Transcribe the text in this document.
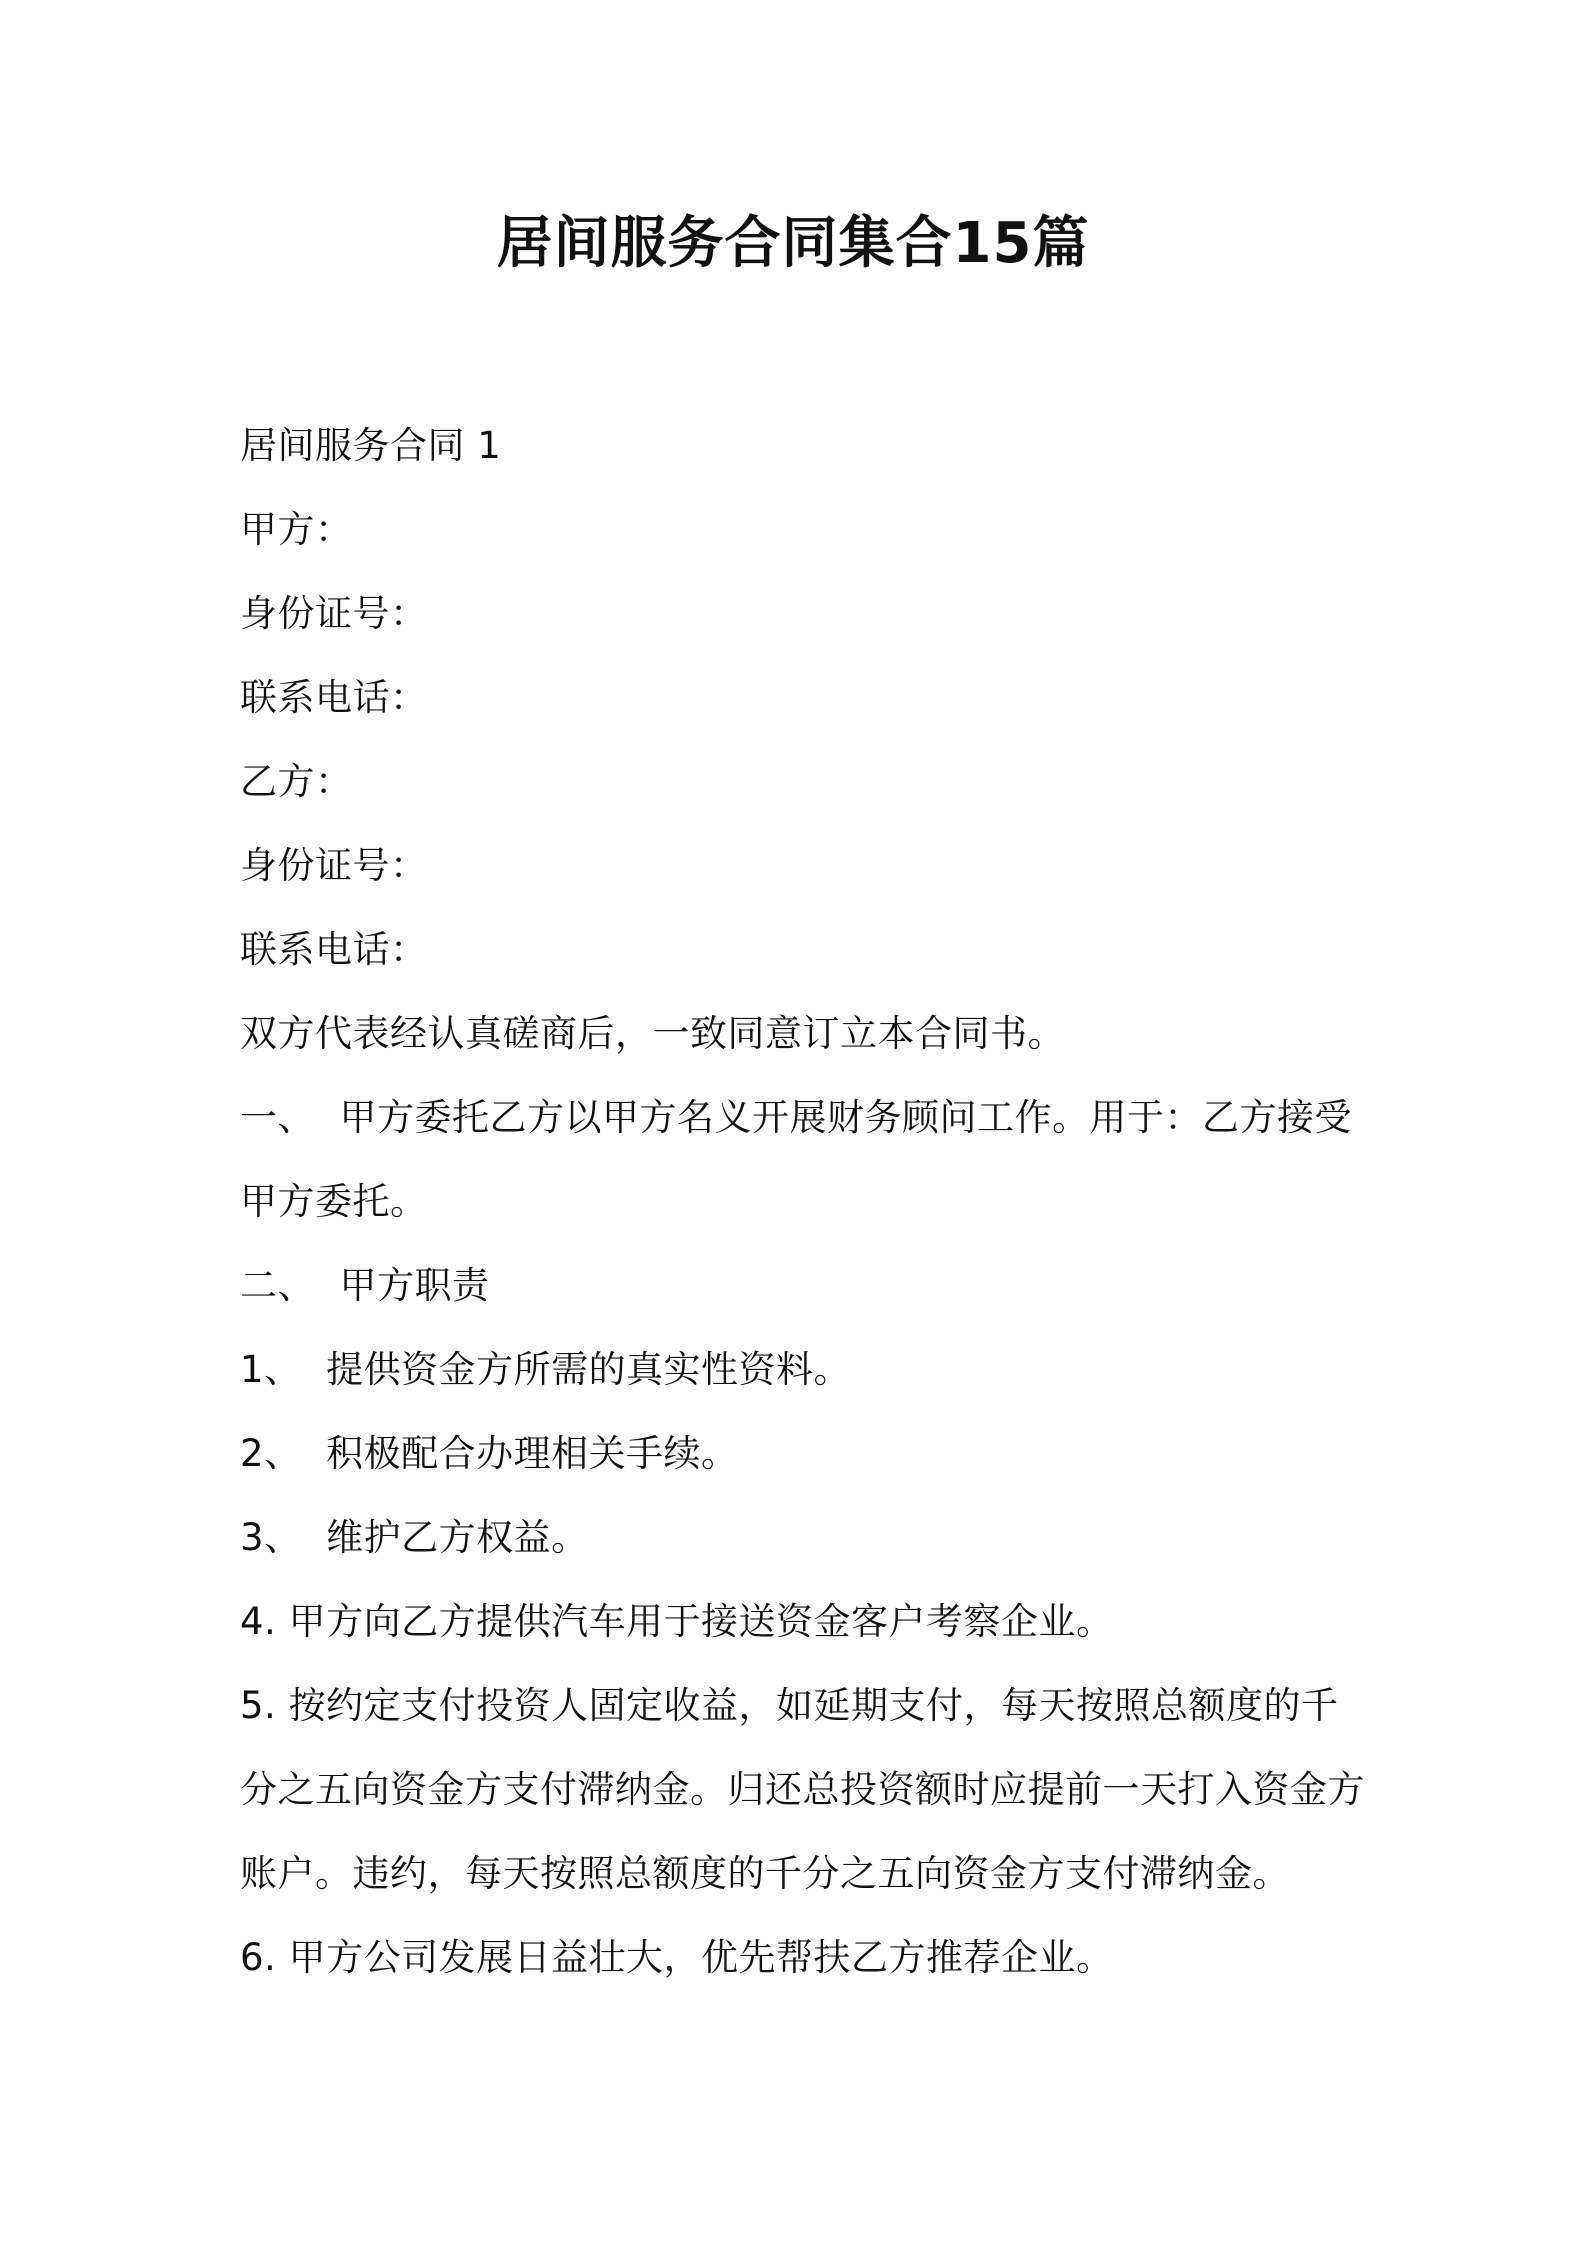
居间服务合同集合15篇

居间服务合同 1

甲方：

身份证号：

联系电话：

乙方：

身份证号：

联系电话：

双方代表经认真磋商后，一致同意订立本合同书。

一、  甲方委托乙方以甲方名义开展财务顾问工作。用于：乙方接受

甲方委托。

二、  甲方职责

1、  提供资金方所需的真实性资料。

2、  积极配合办理相关手续。

3、  维护乙方权益。

4. 甲方向乙方提供汽车用于接送资金客户考察企业。

5. 按约定支付投资人固定收益，如延期支付，每天按照总额度的千

分之五向资金方支付滞纳金。归还总投资额时应提前一天打入资金方

账户。违约，每天按照总额度的千分之五向资金方支付滞纳金。

6. 甲方公司发展日益壮大，优先帮扶乙方推荐企业。
